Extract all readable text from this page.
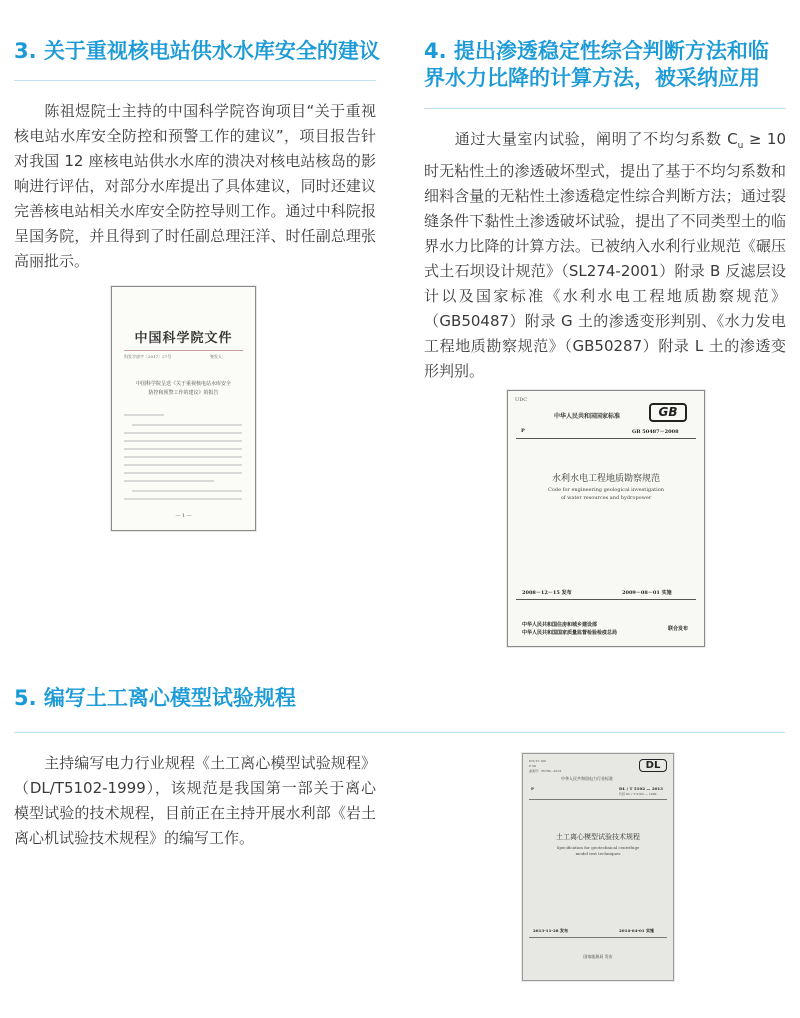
3. 关于重视核电站供水水库安全的建议

陈祖煜院士主持的中国科学院咨询项目“关于重视核电站水库安全防控和预警工作的建议”，项目报告针对我国 12 座核电站供水水库的溃决对核电站核岛的影响进行评估，对部分水库提出了具体建议，同时还建议完善核电站相关水库安全防控导则工作。通过中科院报呈国务院，并且得到了时任副总理汪洋、时任副总理张高丽批示。

中国科学院文件
科发学部字〔2017〕27号	签发人：
中国科学院呈送《关于重视核电站水库安全
防控和预警工作的建议》的报告
— 1 —
4. 提出渗透稳定性综合判断方法和临
界水力比降的计算方法，被采纳应用

通过大量室内试验，阐明了不均匀系数 $C_u \ge 10$ 时无粘性土的渗透破坏型式，提出了基于不均匀系数和细料含量的无粘性土渗透稳定性综合判断方法；通过裂缝条件下黏性土渗透破坏试验，提出了不同类型土的临界水力比降的计算方法。已被纳入水利行业规范《碾压式土石坝设计规范》（SL274-2001）附录 B 反滤层设计以及国家标准《水利水电工程地质勘察规范》（GB50487）附录 G 土的渗透变形判别、《水力发电工程地质勘察规范》（GB50287）附录 L 土的渗透变形判别。

UDC
中华人民共和国国家标准	GB
P	GB 50487－2008
水利水电工程地质勘察规范
Code for engineering geological investigation
of water resources and hydropower
2008－12－15 发布	2009－08－01 实施
中华人民共和国住房和城乡建设部
中华人民共和国国家质量监督检验检疫总局
联合发布
5. 编写土工离心模型试验规程

主持编写电力行业规程《土工离心模型试验规程》（DL/T5102-1999），该规范是我国第一部关于离心模型试验的技术规程，目前正在主持开展水利部《岩土离心机试验技术规程》的编写工作。

ICS 27.100
P 59
备案号：35790—2013	DL
中华人民共和国电力行业标准
P	DL / T 5102 — 2013
代替 DL / T 5102 — 1999
土工离心模型试验技术规程
Specification for geotechnical centrifuge
model test techniques
2013-11-28 发布	2014-04-01 实施
国家能源局 发布
